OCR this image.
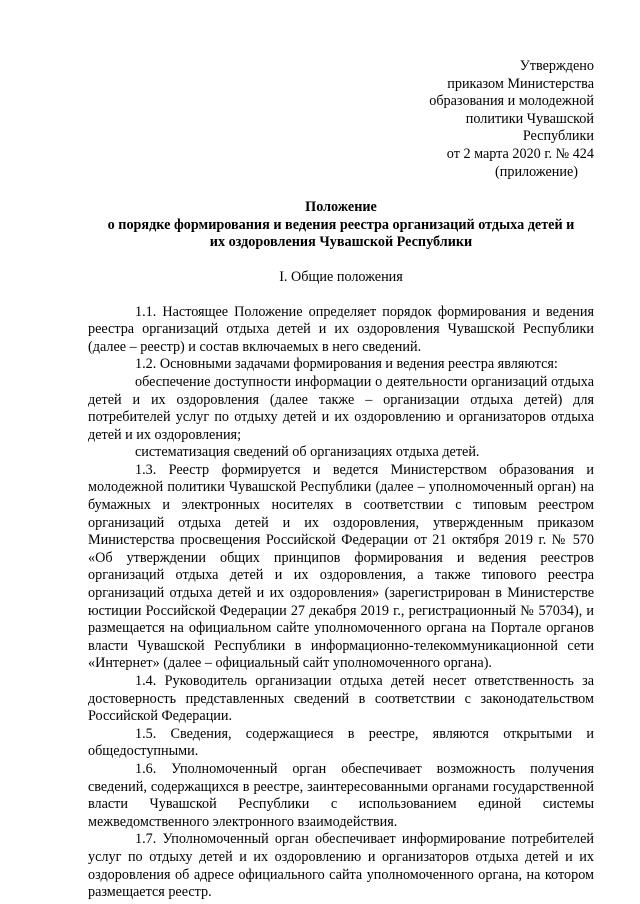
Утверждено
приказом Министерства
образования и молодежной
политики Чувашской
Республики
от 2 марта 2020 г. № 424
(приложение)
Положение
о порядке формирования и ведения реестра организаций отдыха детей и
их оздоровления Чувашской Республики
I. Общие положения

1.1. Настоящее Положение определяет порядок формирования и ведения реестра организаций отдыха детей и их оздоровления Чувашской Республики (далее – реестр) и состав включаемых в него сведений.

1.2. Основными задачами формирования и ведения реестра являются:

обеспечение доступности информации о деятельности организаций отдыха детей и их оздоровления (далее также – организации отдыха детей) для потребителей услуг по отдыху детей и их оздоровлению и организаторов отдыха детей и их оздоровления;

систематизация сведений об организациях отдыха детей.

1.3. Реестр формируется и ведется Министерством образования и молодежной политики Чувашской Республики (далее – уполномоченный орган) на бумажных и электронных носителях в соответствии с типовым реестром организаций отдыха детей и их оздоровления, утвержденным приказом Министерства просвещения Российской Федерации от 21 октября 2019 г. № 570 «Об утверждении общих принципов формирования и ведения реестров организаций отдыха детей и их оздоровления, а также типового реестра организаций отдыха детей и их оздоровления» (зарегистрирован в Министерстве юстиции Российской Федерации 27 декабря 2019 г., регистрационный № 57034), и размещается на официальном сайте уполномоченного органа на Портале органов власти Чувашской Республики в информационно-телекоммуникационной сети «Интернет» (далее – официальный сайт уполномоченного органа).

1.4. Руководитель организации отдыха детей несет ответственность за достоверность представленных сведений в соответствии с законодательством Российской Федерации.

1.5. Сведения, содержащиеся в реестре, являются открытыми и общедоступными.

1.6. Уполномоченный орган обеспечивает возможность получения сведений, содержащихся в реестре, заинтересованными органами государственной власти Чувашской Республики с использованием единой системы межведомственного электронного взаимодействия.

1.7. Уполномоченный орган обеспечивает информирование потребителей услуг по отдыху детей и их оздоровлению и организаторов отдыха детей и их оздоровления об адресе официального сайта уполномоченного органа, на котором размещается реестр.
